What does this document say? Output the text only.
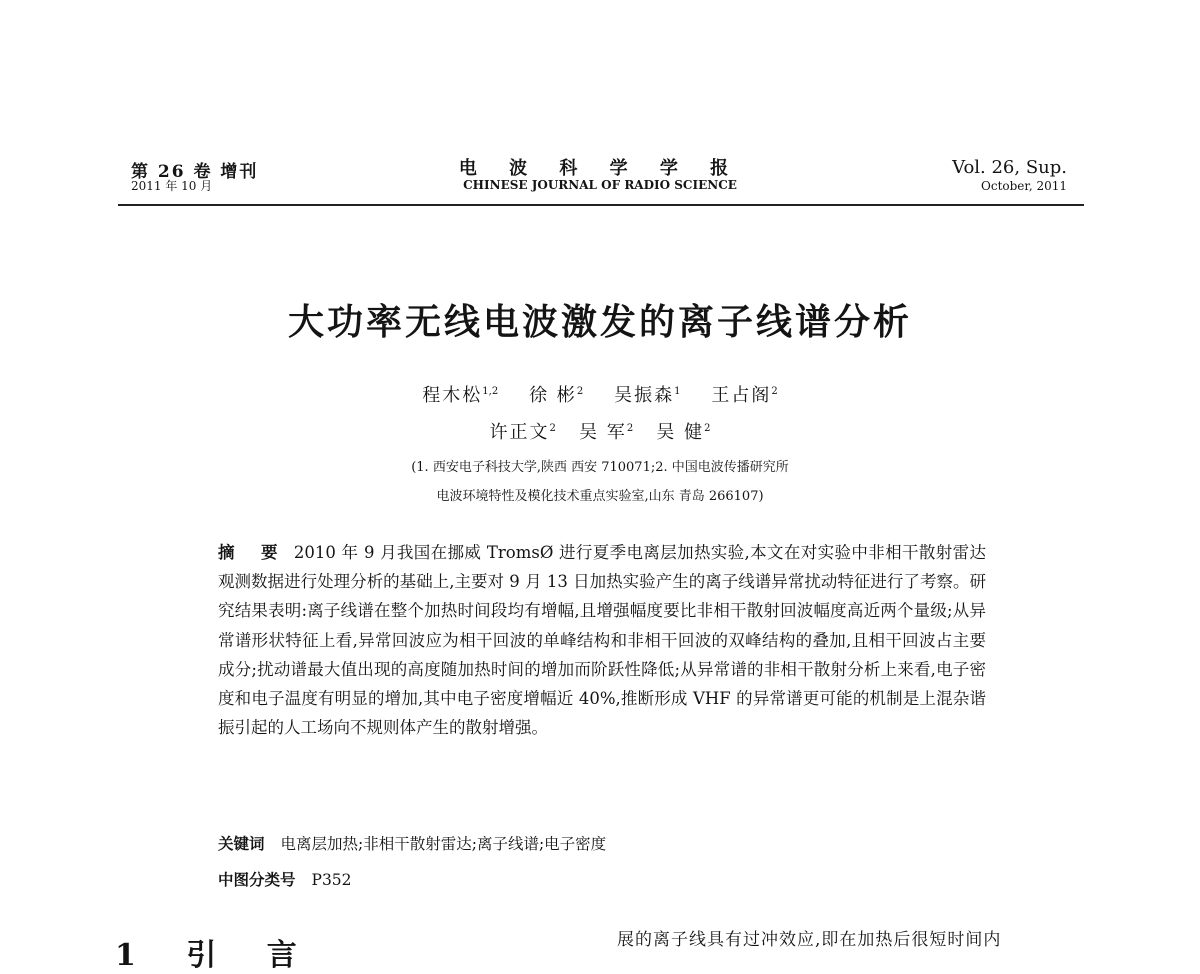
第 26 卷 增刊
2011 年 10 月
电 波 科 学 学 报
CHINESE JOURNAL OF RADIO SCIENCE
Vol. 26, Sup.
October, 2011
大功率无线电波激发的离子线谱分析
程木松$^{1,2}$ 徐 彬$^2$ 吴振森$^1$ 王占阁$^2$
许正文$^2$ 吴 军$^2$ 吴 健$^2$
(1. 西安电子科技大学,陕西 西安 710071;2. 中国电波传播研究所
电波环境特性及模化技术重点实验室,山东 青岛 266107)
摘 要 2010 年 9 月我国在挪威 TromsØ 进行夏季电离层加热实验,本文在对实验中非相干散射雷达观测数据进行处理分析的基础上,主要对 9 月 13 日加热实验产生的离子线谱异常扰动特征进行了考察。研究结果表明:离子线谱在整个加热时间段均有增幅,且增强幅度要比非相干散射回波幅度高近两个量级;从异常谱形状特征上看,异常回波应为相干回波的单峰结构和非相干回波的双峰结构的叠加,且相干回波占主要成分;扰动谱最大值出现的高度随加热时间的增加而阶跃性降低;从异常谱的非相干散射分析上来看,电子密度和电子温度有明显的增加,其中电子密度增幅近 40%,推断形成 VHF 的异常谱更可能的机制是上混杂谐振引起的人工场向不规则体产生的散射增强。
关键词 电离层加热;非相干散射雷达;离子线谱;电子密度
中图分类号 P352
1 引 言	展的离子线具有过冲效应,即在加热后很短时间内
